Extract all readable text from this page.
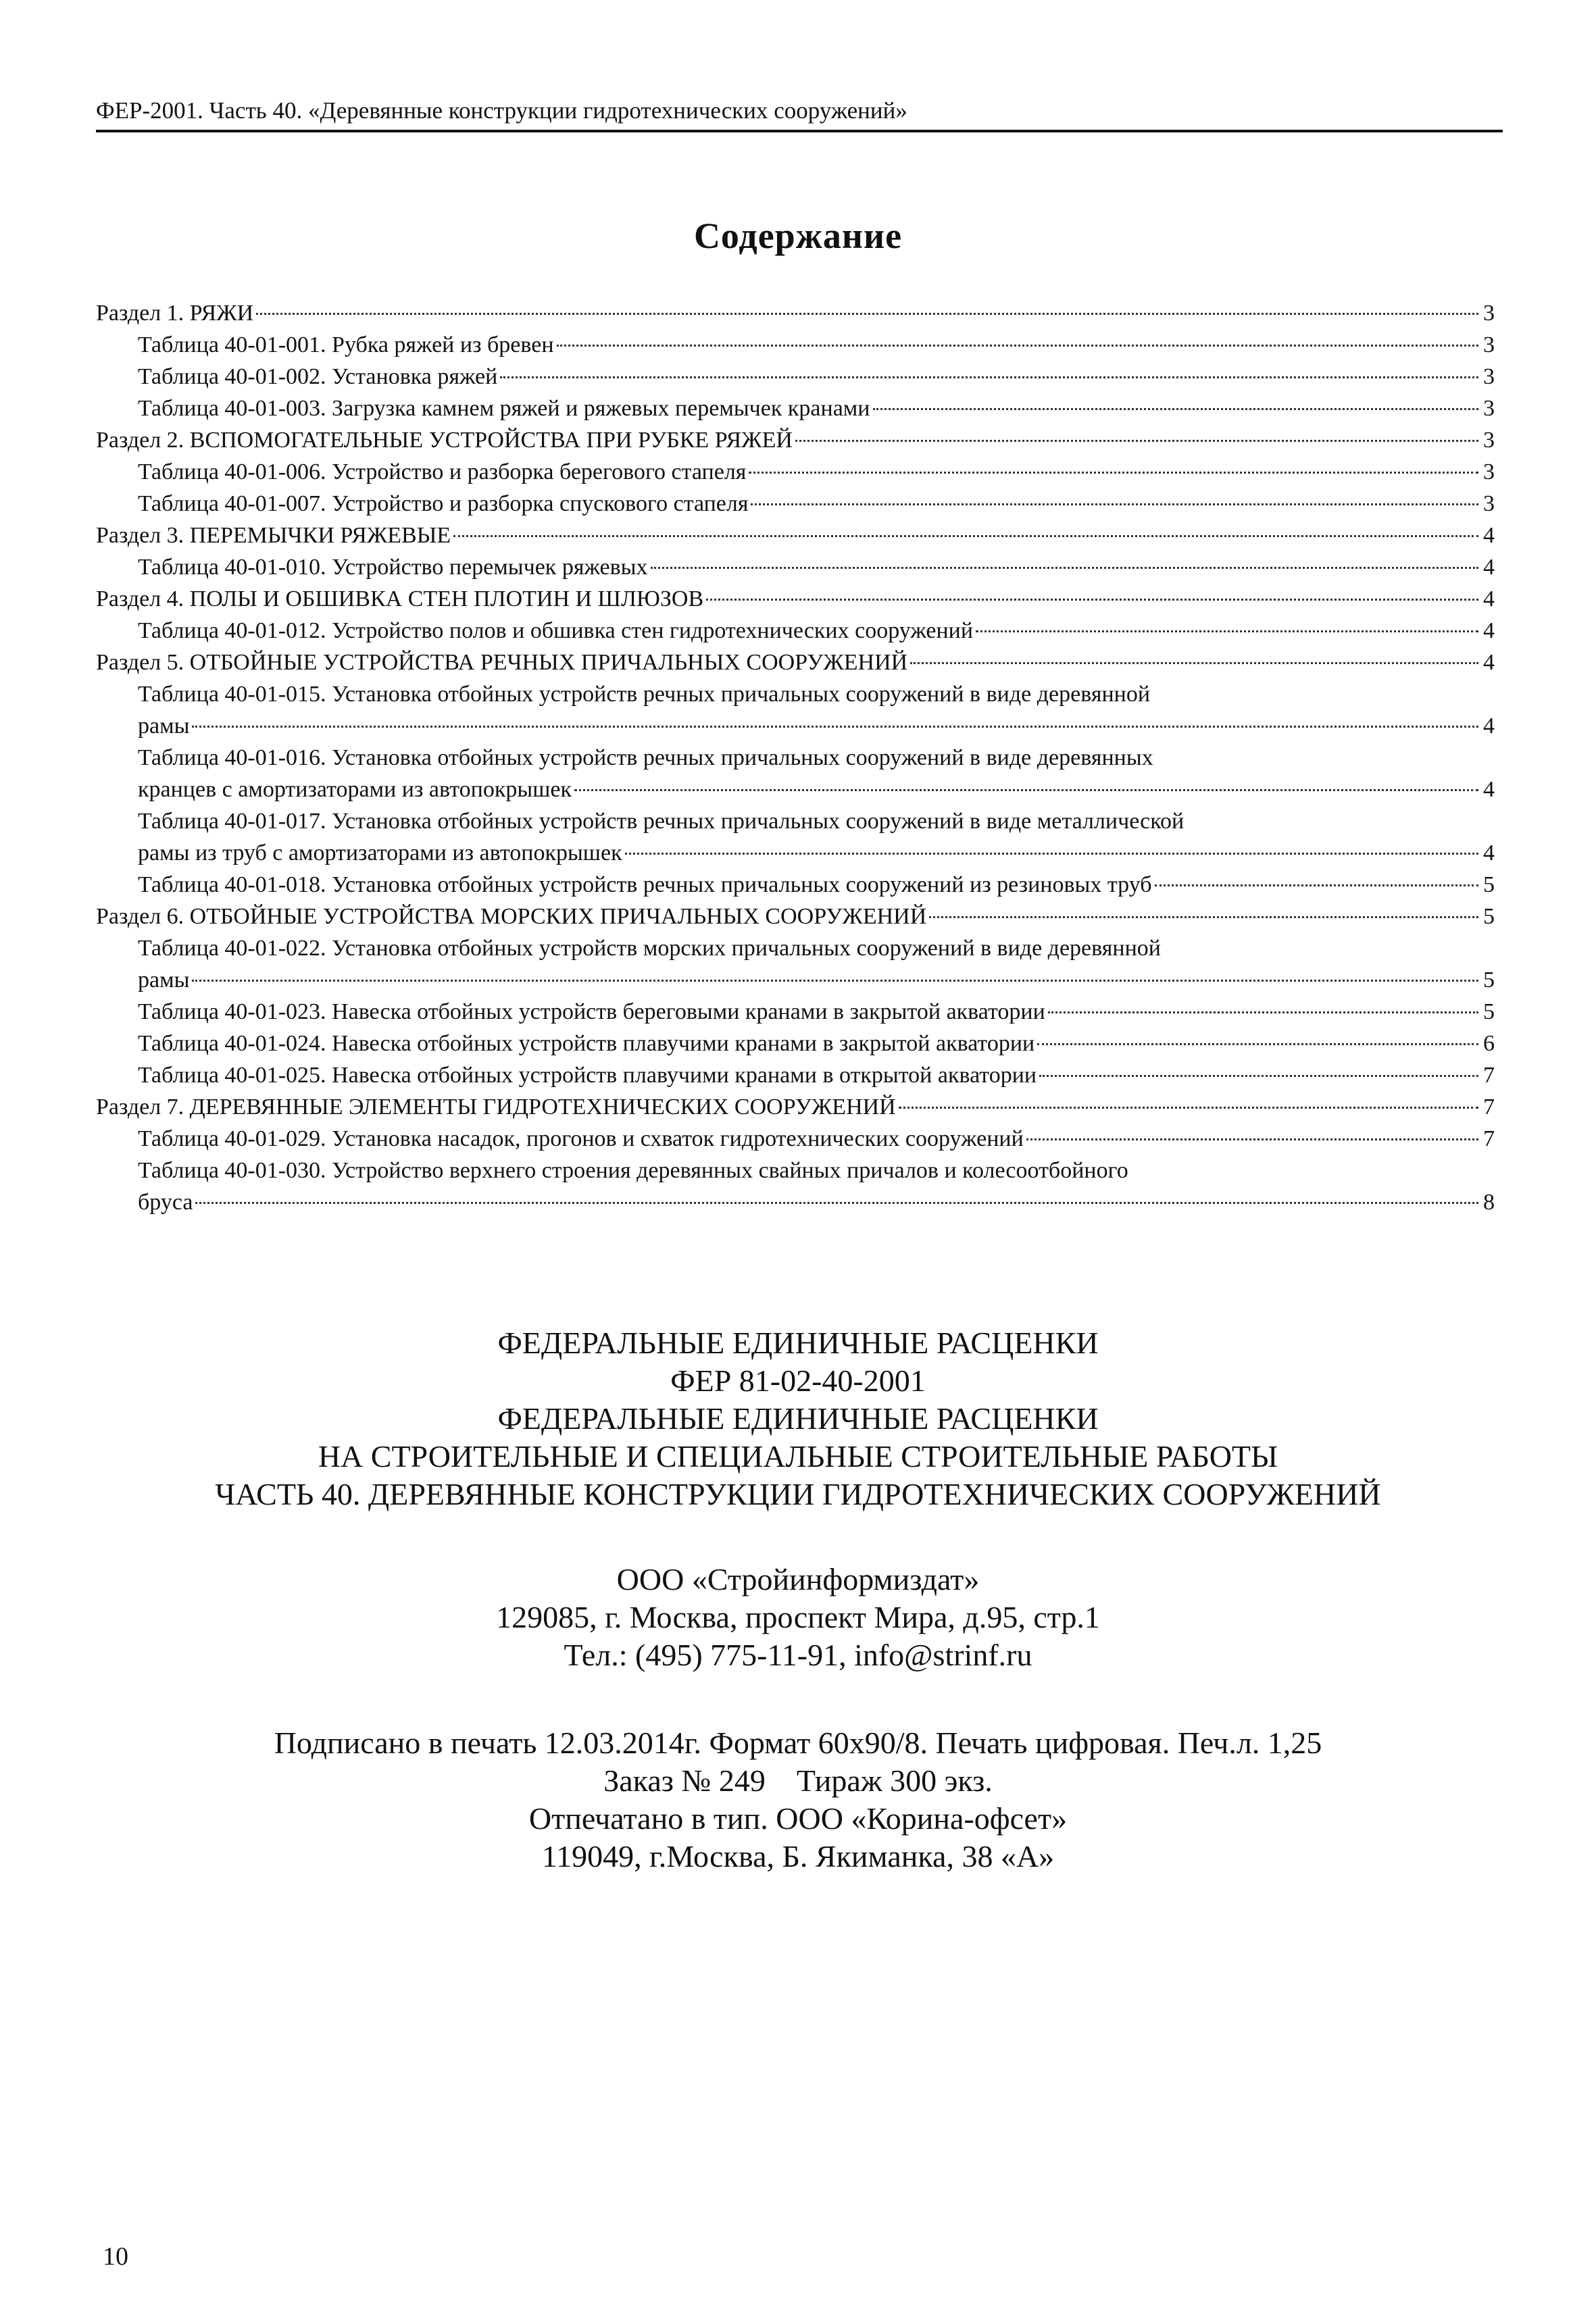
ФЕР-2001. Часть 40. «Деревянные конструкции гидротехнических сооружений»
Содержание
Раздел 1. РЯЖИ	3
Таблица 40-01-001. Рубка ряжей из бревен	3
Таблица 40-01-002. Установка ряжей	3
Таблица 40-01-003. Загрузка камнем ряжей и ряжевых перемычек кранами	3
Раздел 2. ВСПОМОГАТЕЛЬНЫЕ УСТРОЙСТВА ПРИ РУБКЕ РЯЖЕЙ	3
Таблица 40-01-006. Устройство и разборка берегового стапеля	3
Таблица 40-01-007. Устройство и разборка спускового стапеля	3
Раздел 3. ПЕРЕМЫЧКИ РЯЖЕВЫЕ	4
Таблица 40-01-010. Устройство перемычек ряжевых	4
Раздел 4. ПОЛЫ И ОБШИВКА СТЕН ПЛОТИН И ШЛЮЗОВ	4
Таблица 40-01-012. Устройство полов и обшивка стен гидротехнических сооружений	4
Раздел 5. ОТБОЙНЫЕ УСТРОЙСТВА РЕЧНЫХ ПРИЧАЛЬНЫХ СООРУЖЕНИЙ	4
Таблица 40-01-015. Установка отбойных устройств речных причальных сооружений в виде деревянной
рамы	4
Таблица 40-01-016. Установка отбойных устройств речных причальных сооружений в виде деревянных
кранцев с амортизаторами из автопокрышек	4
Таблица 40-01-017. Установка отбойных устройств речных причальных сооружений в виде металлической
рамы из труб с амортизаторами из автопокрышек	4
Таблица 40-01-018. Установка отбойных устройств речных причальных сооружений из резиновых труб	5
Раздел 6. ОТБОЙНЫЕ УСТРОЙСТВА МОРСКИХ ПРИЧАЛЬНЫХ СООРУЖЕНИЙ	5
Таблица 40-01-022. Установка отбойных устройств морских причальных сооружений в виде деревянной
рамы	5
Таблица 40-01-023. Навеска отбойных устройств береговыми кранами в закрытой акватории	5
Таблица 40-01-024. Навеска отбойных устройств плавучими кранами в закрытой акватории	6
Таблица 40-01-025. Навеска отбойных устройств плавучими кранами в открытой акватории	7
Раздел 7. ДЕРЕВЯННЫЕ ЭЛЕМЕНТЫ ГИДРОТЕХНИЧЕСКИХ СООРУЖЕНИЙ	7
Таблица 40-01-029. Установка насадок, прогонов и схваток гидротехнических сооружений	7
Таблица 40-01-030. Устройство верхнего строения деревянных свайных причалов и колесоотбойного
бруса	8
ФЕДЕРАЛЬНЫЕ ЕДИНИЧНЫЕ РАСЦЕНКИ
ФЕР 81-02-40-2001
ФЕДЕРАЛЬНЫЕ ЕДИНИЧНЫЕ РАСЦЕНКИ
НА СТРОИТЕЛЬНЫЕ И СПЕЦИАЛЬНЫЕ СТРОИТЕЛЬНЫЕ РАБОТЫ
ЧАСТЬ 40. ДЕРЕВЯННЫЕ КОНСТРУКЦИИ ГИДРОТЕХНИЧЕСКИХ СООРУЖЕНИЙ
ООО «Стройинформиздат»
129085, г. Москва, проспект Мира, д.95, стр.1
Тел.: (495) 775-11-91, info@strinf.ru
Подписано в печать 12.03.2014г. Формат 60x90/8. Печать цифровая. Печ.л. 1,25
Заказ № 249    Тираж 300 экз.
Отпечатано в тип. ООО «Корина-офсет»
119049, г.Москва, Б. Якиманка, 38 «А»
10
